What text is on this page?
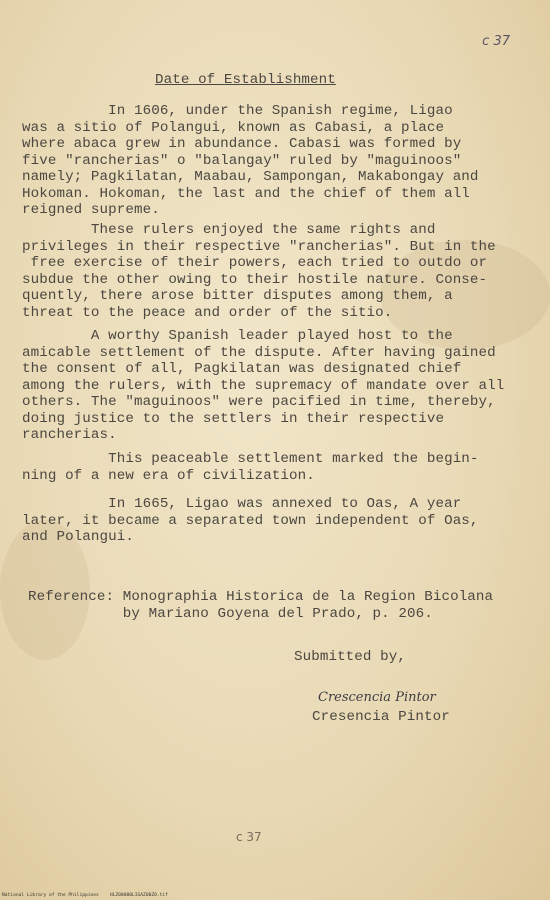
c 37
Date of Establishment
In 1606, under the Spanish regime, Ligao
was a sitio of Polangui, known as Cabasi, a place
where abaca grew in abundance. Cabasi was formed by
five "rancherias" o "balangay" ruled by "maguinoos"
namely; Pagkilatan, Maabau, Sampongan, Makabongay and
Hokoman. Hokoman, the last and the chief of them all
reigned supreme.
These rulers enjoyed the same rights and
privileges in their respective "rancherias". But in the
free exercise of their powers, each tried to outdo or
subdue the other owing to their hostile nature. Conse-
quently, there arose bitter disputes among them, a
threat to the peace and order of the sitio.
A worthy Spanish leader played host to the
amicable settlement of the dispute. After having gained
the consent of all, Pagkilatan was designated chief
among the rulers, with the supremacy of mandate over all
others. The "maguinoos" were pacified in time, thereby,
doing justice to the settlers in their respective
rancherias.
This peaceable settlement marked the begin-
ning of a new era of civilization.
In 1665, Ligao was annexed to Oas, A year
later, it became a separated town independent of Oas,
and Polangui.
Reference: Monographia Historica de la Region Bicolana
by Mariano Goyena del Prado, p. 206.
Submitted by,
Crescencia Pintor
Cresencia Pintor
c 37
National Library of the Philippines    HLZ00000LIGAZ00Z0.tif
